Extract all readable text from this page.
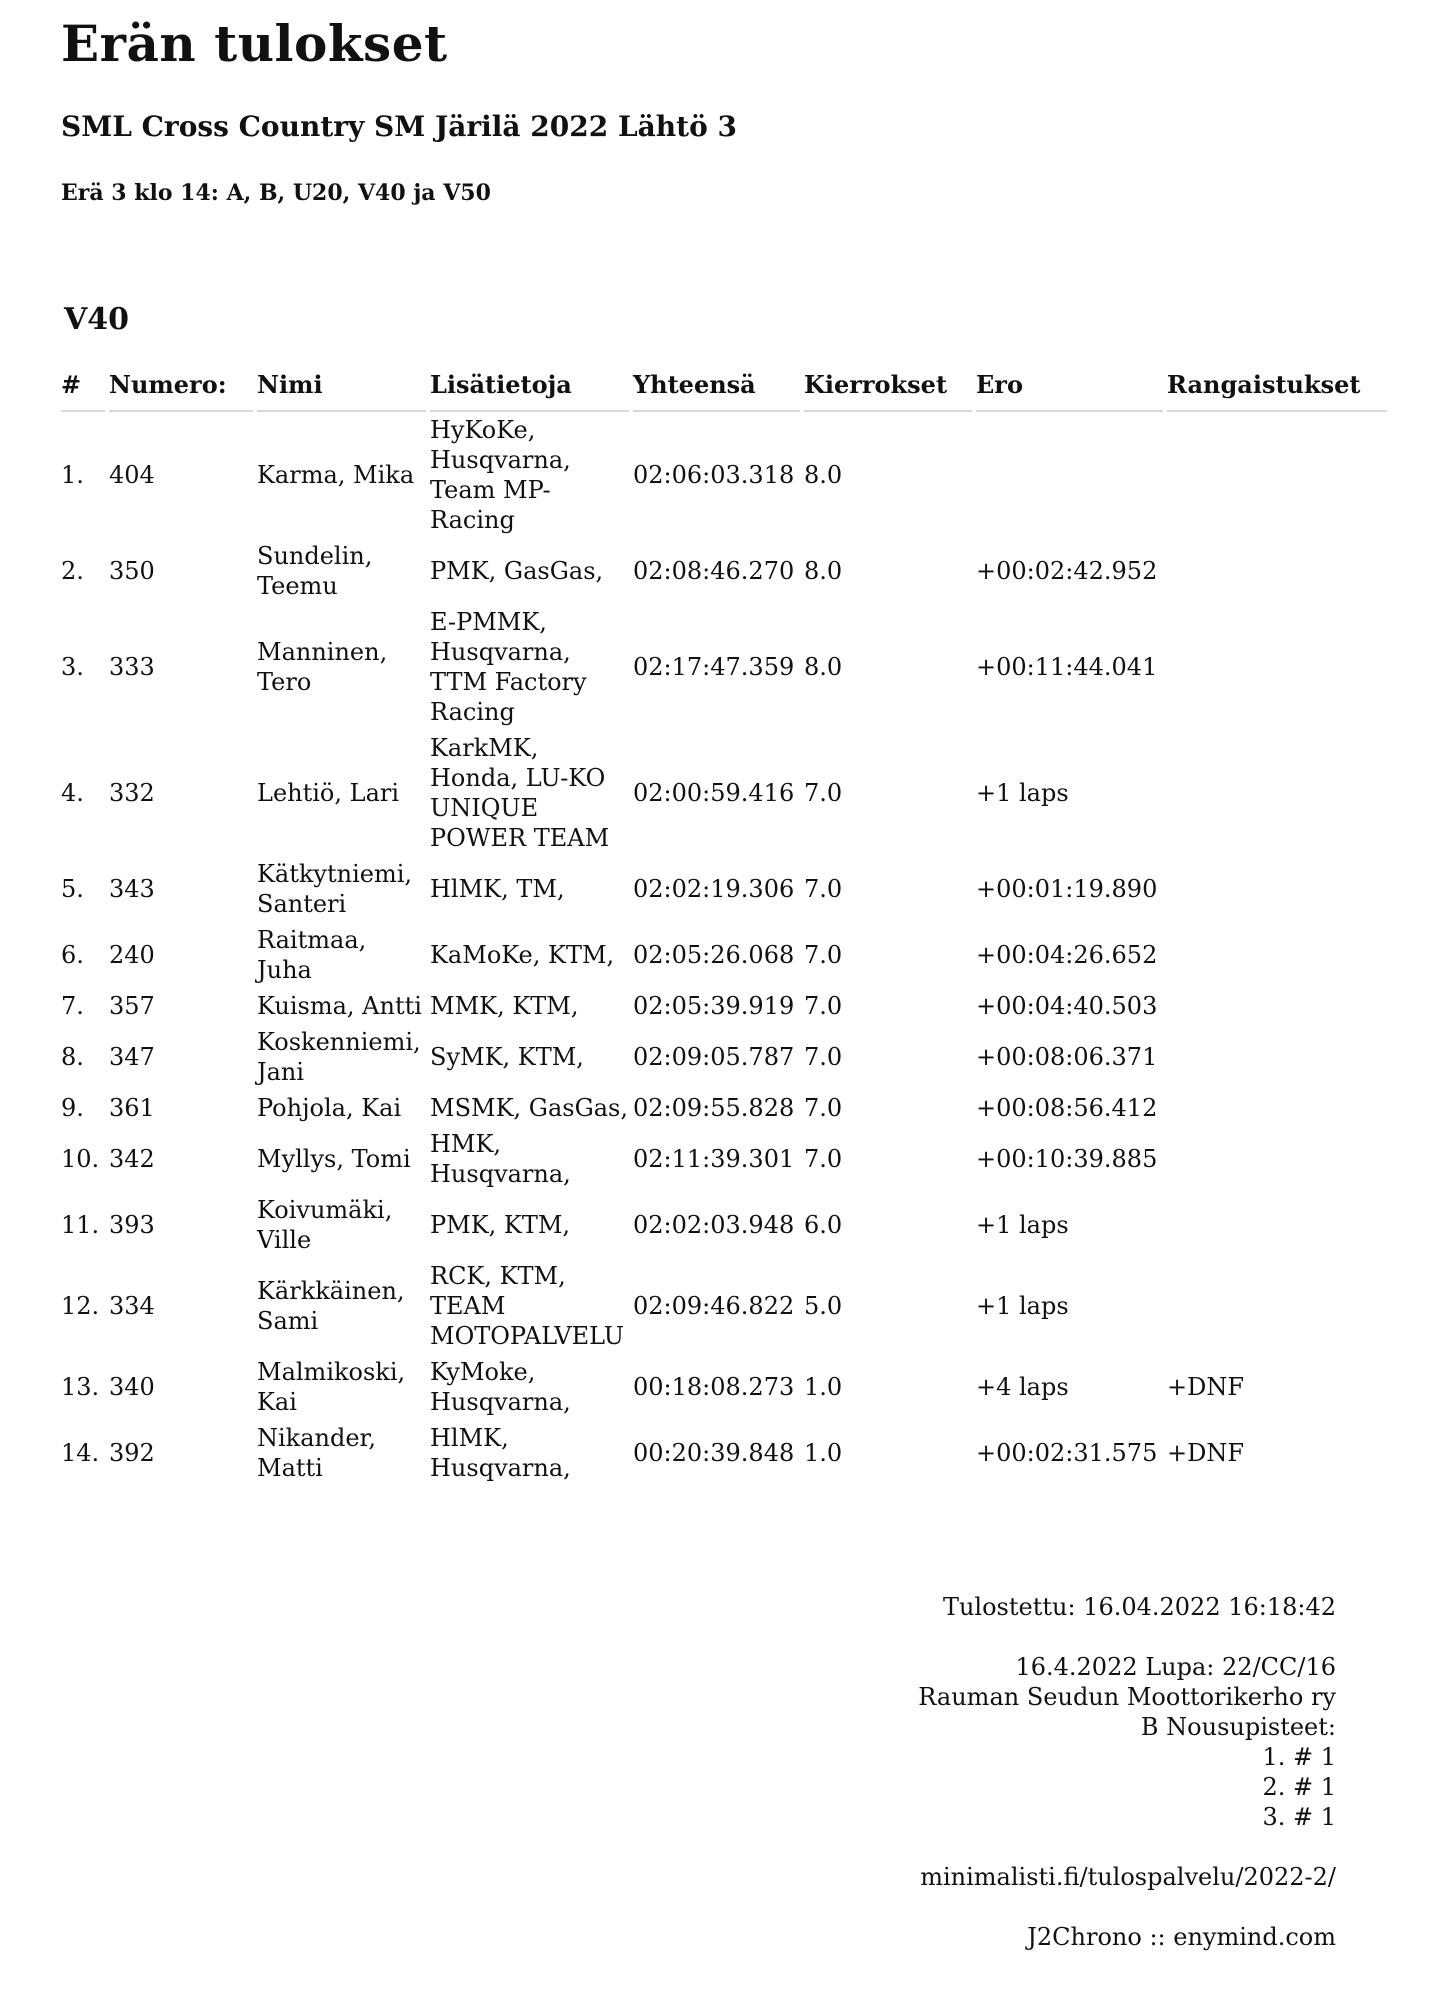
Erän tulokset
SML Cross Country SM Järilä 2022 Lähtö 3
Erä 3 klo 14: A, B, U20, V40 ja V50
V40
#	Numero:	Nimi	Lisätietoja	Yhteensä	Kierrokset	Ero	Rangaistukset
1.	404	Karma, Mika	HyKoKe, Husqvarna, Team MP-Racing	02:06:03.318	8.0		
2.	350	Sundelin, Teemu	PMK, GasGas,	02:08:46.270	8.0	+00:02:42.952	
3.	333	Manninen, Tero	E-PMMK, Husqvarna, TTM Factory Racing	02:17:47.359	8.0	+00:11:44.041	
4.	332	Lehtiö, Lari	KarkMK, Honda, LU-KO UNIQUE POWER TEAM	02:00:59.416	7.0	+1 laps	
5.	343	Kätkytniemi, Santeri	HlMK, TM,	02:02:19.306	7.0	+00:01:19.890	
6.	240	Raitmaa, Juha	KaMoKe, KTM,	02:05:26.068	7.0	+00:04:26.652	
7.	357	Kuisma, Antti	MMK, KTM,	02:05:39.919	7.0	+00:04:40.503	
8.	347	Koskenniemi, Jani	SyMK, KTM,	02:09:05.787	7.0	+00:08:06.371	
9.	361	Pohjola, Kai	MSMK, GasGas,	02:09:55.828	7.0	+00:08:56.412	
10.	342	Myllys, Tomi	HMK, Husqvarna,	02:11:39.301	7.0	+00:10:39.885	
11.	393	Koivumäki, Ville	PMK, KTM,	02:02:03.948	6.0	+1 laps	
12.	334	Kärkkäinen, Sami	RCK, KTM, TEAM MOTOPALVELU	02:09:46.822	5.0	+1 laps	
13.	340	Malmikoski, Kai	KyMoke, Husqvarna,	00:18:08.273	1.0	+4 laps	+DNF
14.	392	Nikander, Matti	HlMK, Husqvarna,	00:20:39.848	1.0	+00:02:31.575	+DNF

Tulostettu: 16.04.2022 16:18:42

16.4.2022 Lupa: 22/CC/16

Rauman Seudun Moottorikerho ry

B Nousupisteet:

1. # 1

2. # 1

3. # 1

minimalisti.fi/tulospalvelu/2022-2/

J2Chrono :: enymind.com
